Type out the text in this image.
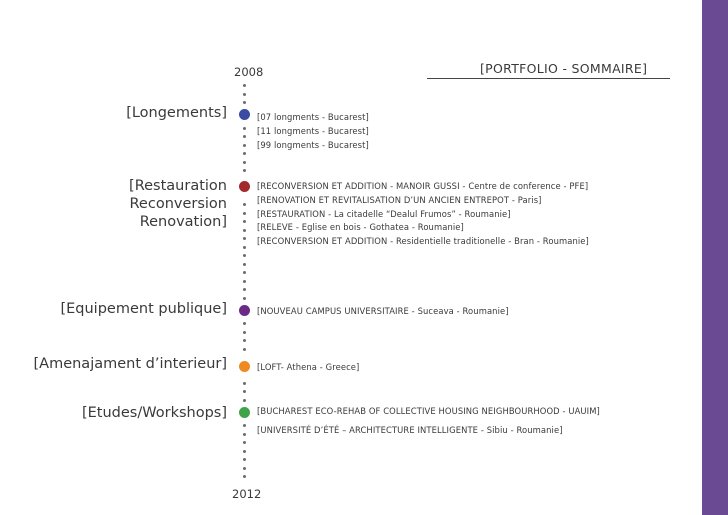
2008	[PORTFOLIO - SOMMAIRE]
[Longements]
[Restauration
Reconversion
Renovation]
[Equipement publique]
[Amenajament d’interieur]
[Etudes/Workshops]
[07 longments - Bucarest]
[11 longments - Bucarest]
[99 longments - Bucarest]
[RECONVERSION ET ADDITION - MANOIR GUSSI - Centre de conference - PFE]
[RENOVATION ET REVITALISATION D’UN ANCIEN ENTREPOT - Paris]
[RESTAURATION - La citadelle “Dealul Frumos” - Roumanie]
[RELEVE - Eglise en bois - Gothatea - Roumanie]
[RECONVERSION ET ADDITION - Residentielle traditionelle - Bran - Roumanie]
[NOUVEAU CAMPUS UNIVERSITAIRE - Suceava - Roumanie]
[LOFT- Athena - Greece]
[BUCHAREST ECO-REHAB OF COLLECTIVE HOUSING NEIGHBOURHOOD - UAUIM]
[UNIVERSITÉ D’ÉTÉ – ARCHITECTURE INTELLIGENTE - Sibiu - Roumanie]
2012
